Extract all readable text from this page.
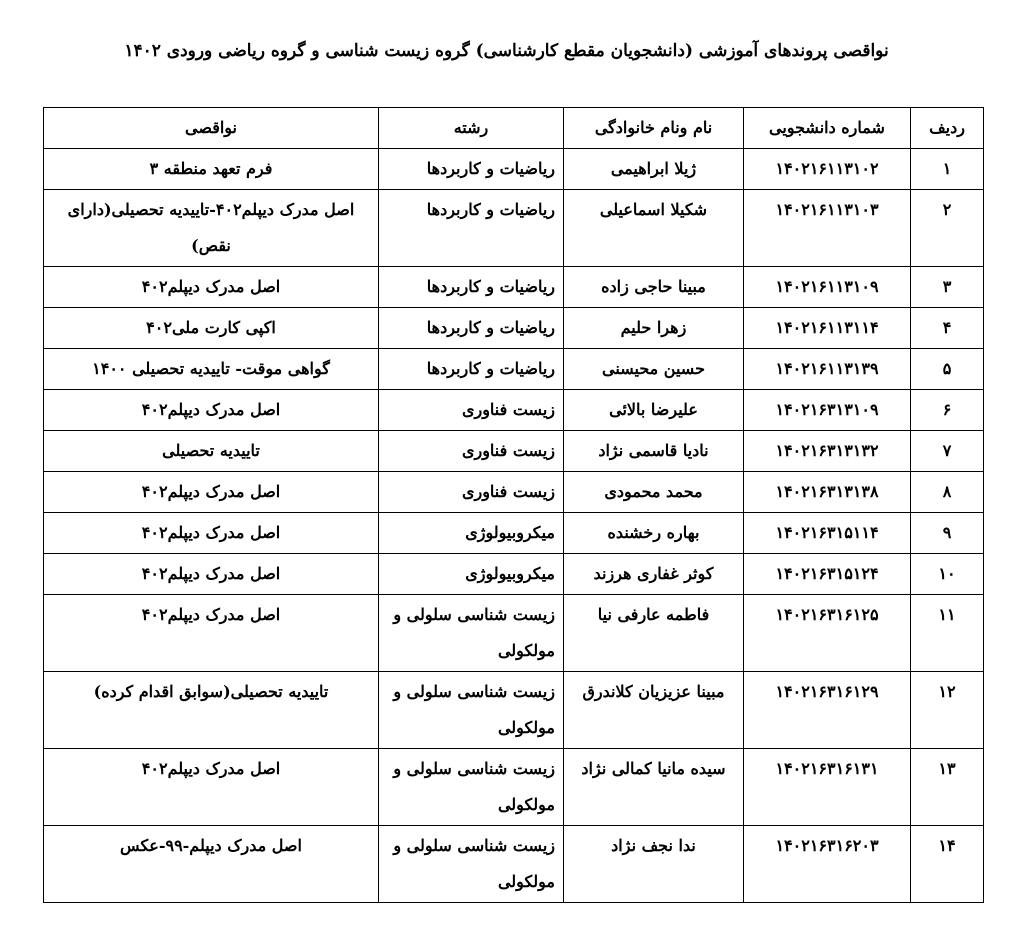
نواقصی پروندهای آموزشی (دانشجویان مقطع کارشناسی) گروه زیست شناسی و گروه ریاضی ورودی ۱۴۰۲
ردیف	شماره دانشجویی	نام ونام خانوادگی	رشته	نواقصی
۱	۱۴۰۲۱۶۱۱۳۱۰۲	ژیلا ابراهیمی	ریاضیات و کاربردها	فرم تعهد منطقه ۳
۲	۱۴۰۲۱۶۱۱۳۱۰۳	شکیلا اسماعیلی	ریاضیات و کاربردها	اصل مدرک دیپلم۴۰۲-تاییدیه تحصیلی(دارای نقص)
۳	۱۴۰۲۱۶۱۱۳۱۰۹	مبینا حاجی زاده	ریاضیات و کاربردها	اصل مدرک دیپلم۴۰۲
۴	۱۴۰۲۱۶۱۱۳۱۱۴	زهرا حلیم	ریاضیات و کاربردها	اکپی کارت ملی۴۰۲
۵	۱۴۰۲۱۶۱۱۳۱۳۹	حسین محیسنی	ریاضیات و کاربردها	گواهی موقت- تاییدیه تحصیلی ۱۴۰۰
۶	۱۴۰۲۱۶۳۱۳۱۰۹	علیرضا بالائی	زیست فناوری	اصل مدرک دیپلم۴۰۲
۷	۱۴۰۲۱۶۳۱۳۱۳۲	نادیا قاسمی نژاد	زیست فناوری	تاییدیه تحصیلی
۸	۱۴۰۲۱۶۳۱۳۱۳۸	محمد محمودی	زیست فناوری	اصل مدرک دیپلم۴۰۲
۹	۱۴۰۲۱۶۳۱۵۱۱۴	بهاره رخشنده	میکروبیولوژی	اصل مدرک دیپلم۴۰۲
۱۰	۱۴۰۲۱۶۳۱۵۱۲۴	کوثر غفاری هرزند	میکروبیولوژی	اصل مدرک دیپلم۴۰۲
۱۱	۱۴۰۲۱۶۳۱۶۱۲۵	فاطمه عارفی نیا	زیست شناسی سلولی و مولکولی	اصل مدرک دیپلم۴۰۲
۱۲	۱۴۰۲۱۶۳۱۶۱۲۹	مبینا عزیزیان کلاندرق	زیست شناسی سلولی و مولکولی	تاییدیه تحصیلی(سوابق اقدام کرده)
۱۳	۱۴۰۲۱۶۳۱۶۱۳۱	سیده مانیا کمالی نژاد	زیست شناسی سلولی و مولکولی	اصل مدرک دیپلم۴۰۲
۱۴	۱۴۰۲۱۶۳۱۶۲۰۳	ندا نجف نژاد	زیست شناسی سلولی و مولکولی	اصل مدرک دیپلم-۹۹-عکس
